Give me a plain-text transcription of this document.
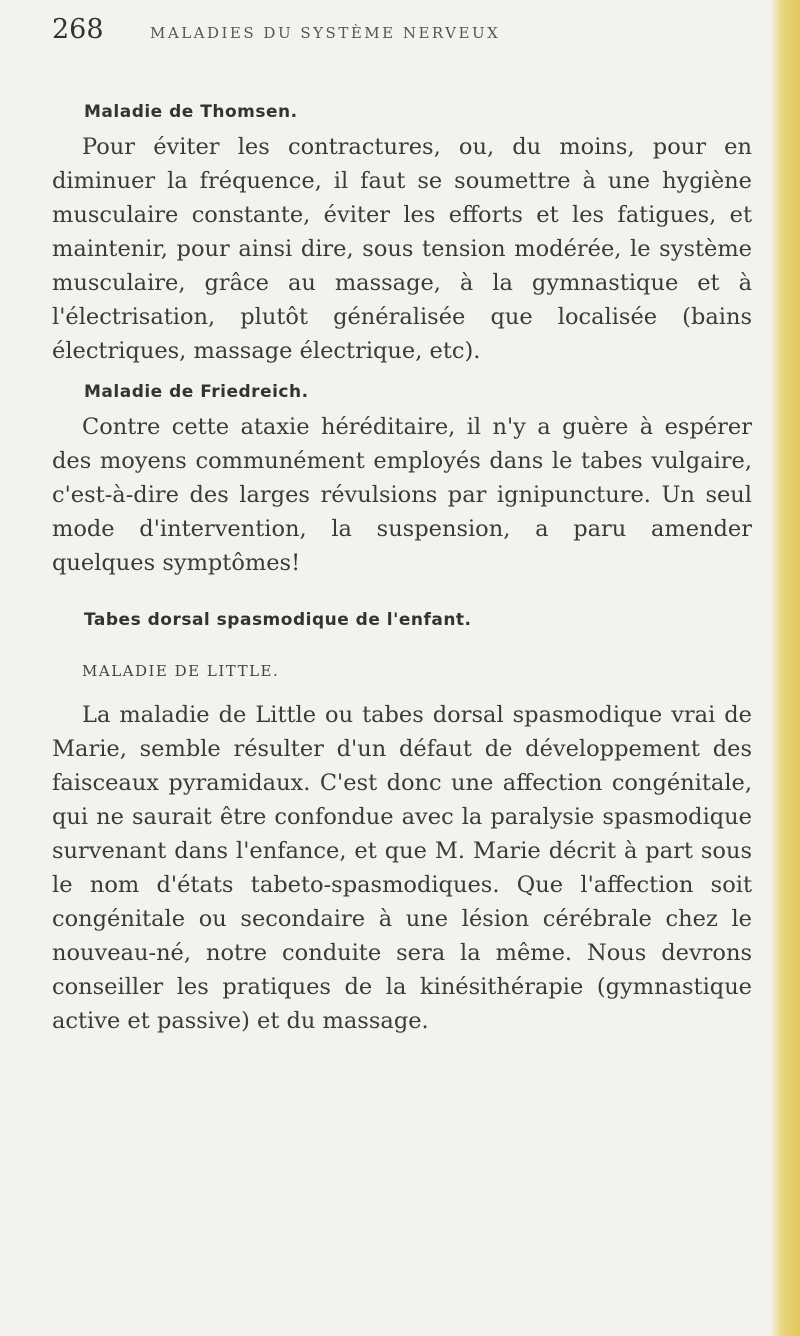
268	MALADIES DU SYSTÈME NERVEUX
Maladie de Thomsen.

Pour éviter les contractures, ou, du moins, pour en diminuer la fréquence, il faut se soumettre à une hygiène musculaire constante, éviter les efforts et les fatigues, et maintenir, pour ainsi dire, sous tension modérée, le système musculaire, grâce au massage, à la gymnastique et à l'électrisation, plutôt généralisée que localisée (bains électriques, massage électrique, etc).

Maladie de Friedreich.

Contre cette ataxie héréditaire, il n'y a guère à espérer des moyens communément employés dans le tabes vulgaire, c'est-à-dire des larges révulsions par ignipuncture. Un seul mode d'intervention, la suspension, a paru amender quelques symptômes!

Tabes dorsal spasmodique de l'enfant.
MALADIE DE LITTLE.

La maladie de Little ou tabes dorsal spasmodique vrai de Marie, semble résulter d'un défaut de développement des faisceaux pyramidaux. C'est donc une affection congénitale, qui ne saurait être confondue avec la paralysie spasmodique survenant dans l'enfance, et que M. Marie décrit à part sous le nom d'états tabeto-spasmodiques. Que l'affection soit congénitale ou secondaire à une lésion cérébrale chez le nouveau-né, notre conduite sera la même. Nous devrons conseiller les pratiques de la kinésithérapie (gymnastique active et passive) et du massage.
